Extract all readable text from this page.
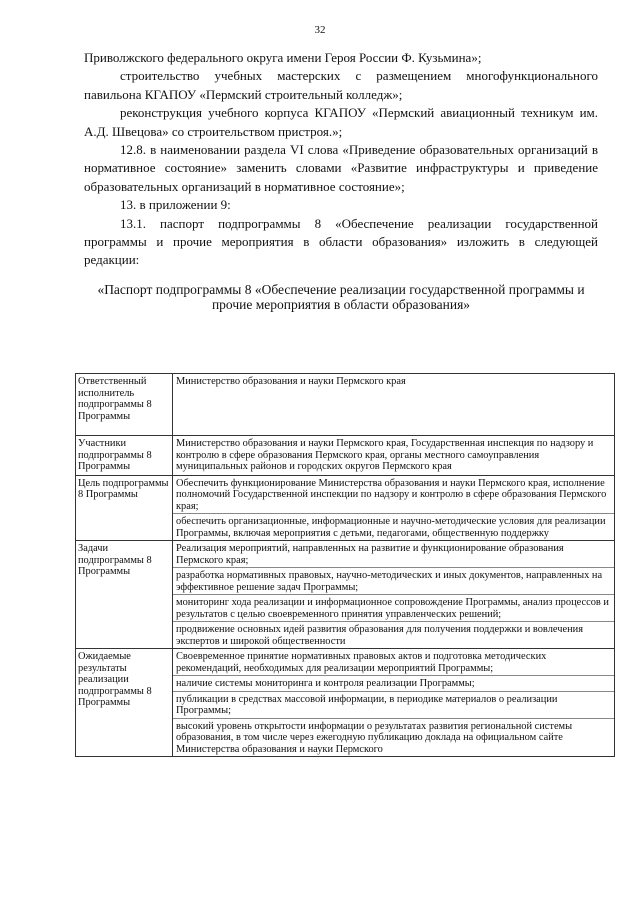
32

Приволжского федерального округа имени Героя России Ф. Кузьмина»;

строительство учебных мастерских с размещением многофункционального павильона КГАПОУ «Пермский строительный колледж»;

реконструкция учебного корпуса КГАПОУ «Пермский авиационный техникум им. А.Д. Швецова» со строительством пристроя.»;

12.8. в наименовании раздела VI слова «Приведение образовательных организаций в нормативное состояние» заменить словами «Развитие инфраструктуры и приведение образовательных организаций в нормативное состояние»;

13. в приложении 9:

13.1. паспорт подпрограммы 8 «Обеспечение реализации государственной программы и прочие мероприятия в области образования» изложить в следующей редакции:

«Паспорт подпрограммы 8 «Обеспечение реализации государственной программы и прочие мероприятия в области образования»

Ответственный исполнитель подпрограммы 8 Программы	Министерство образования и науки Пермского края

Участники подпрограммы 8 Программы	Министерство образования и науки Пермского края, Государственная инспекция по надзору и контролю в сфере образования Пермского края, органы местного самоуправления муниципальных районов и городских округов Пермского края

Цель подпрограммы 8 Программы	Обеспечить функционирование Министерства образования и науки Пермского края, исполнение полномочий Государственной инспекции по надзору и контролю в сфере образования Пермского края;
обеспечить организационные, информационные и научно-методические условия для реализации Программы, включая мероприятия с детьми, педагогами, общественную поддержку

Задачи подпрограммы 8 Программы	Реализация мероприятий, направленных на развитие и функционирование образования Пермского края;
разработка нормативных правовых, научно-методических и иных документов, направленных на эффективное решение задач Программы;
мониторинг хода реализации и информационное сопровождение Программы, анализ процессов и результатов с целью своевременного принятия управленческих решений;
продвижение основных идей развития образования для получения поддержки и вовлечения экспертов и широкой общественности

Ожидаемые результаты реализации подпрограммы 8 Программы	Своевременное принятие нормативных правовых актов и подготовка методических рекомендаций, необходимых для реализации мероприятий Программы;
наличие системы мониторинга и контроля реализации Программы;
публикации в средствах массовой информации, в периодике материалов о реализации Программы;
высокий уровень открытости информации о результатах развития региональной системы образования, в том числе через ежегодную публикацию доклада на официальном сайте Министерства образования и науки Пермского
